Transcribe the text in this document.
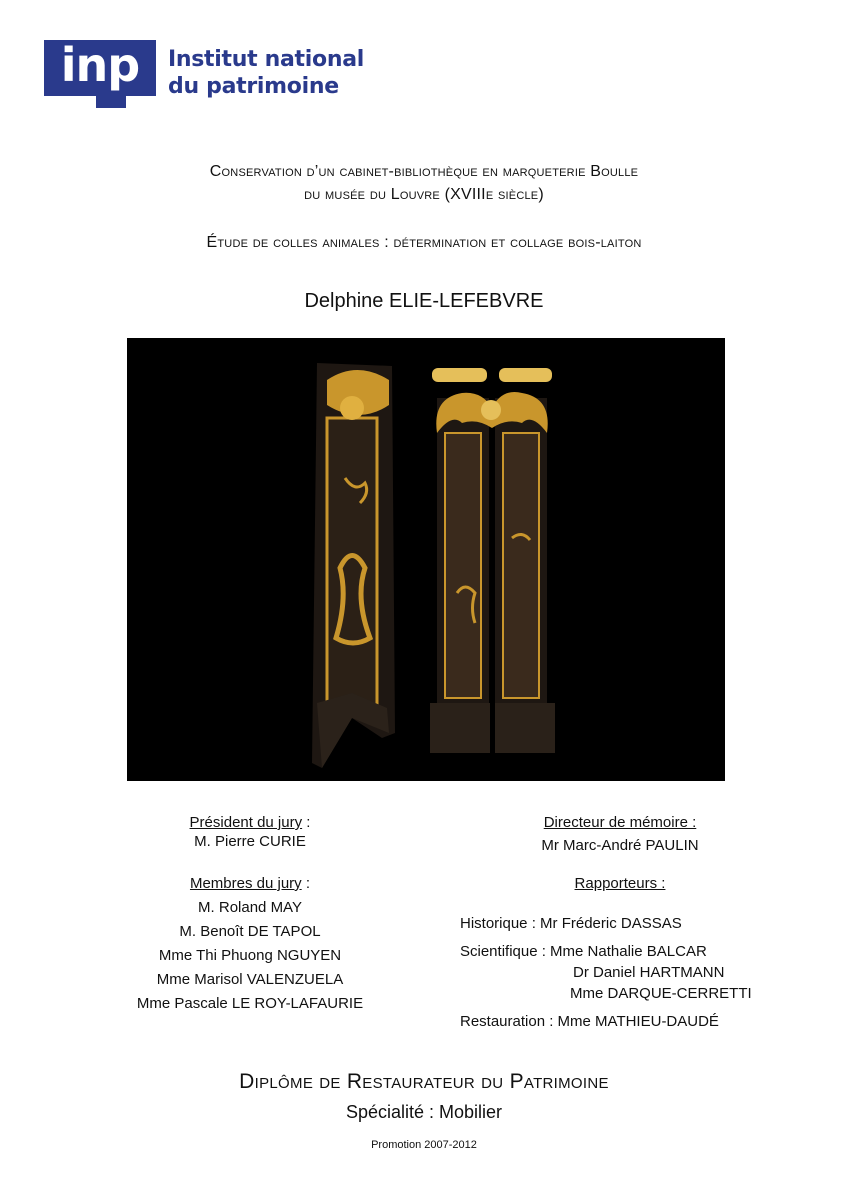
inp	Institut national
du patrimoine
Conservation d’un cabinet-bibliothèque en marqueterie Boulle
du musée du Louvre (XVIIIe siècle)
Étude de colles animales : détermination et collage bois-laiton
Delphine ELIE-LEFEBVRE
Président du jury :
M. Pierre CURIE
Membres du jury :
M. Roland MAY
M. Benoît DE TAPOL
Mme Thi Phuong NGUYEN
Mme Marisol VALENZUELA
Mme Pascale LE ROY-LAFAURIE
Directeur de mémoire :
Mr Marc-André PAULIN
Rapporteurs :
Historique : Mr Fréderic DASSAS
Scientifique : Mme Nathalie BALCAR
Dr Daniel HARTMANN
Mme DARQUE-CERRETTI
Restauration : Mme MATHIEU-DAUDÉ
Diplôme de Restaurateur du Patrimoine
Spécialité : Mobilier
Promotion 2007-2012
